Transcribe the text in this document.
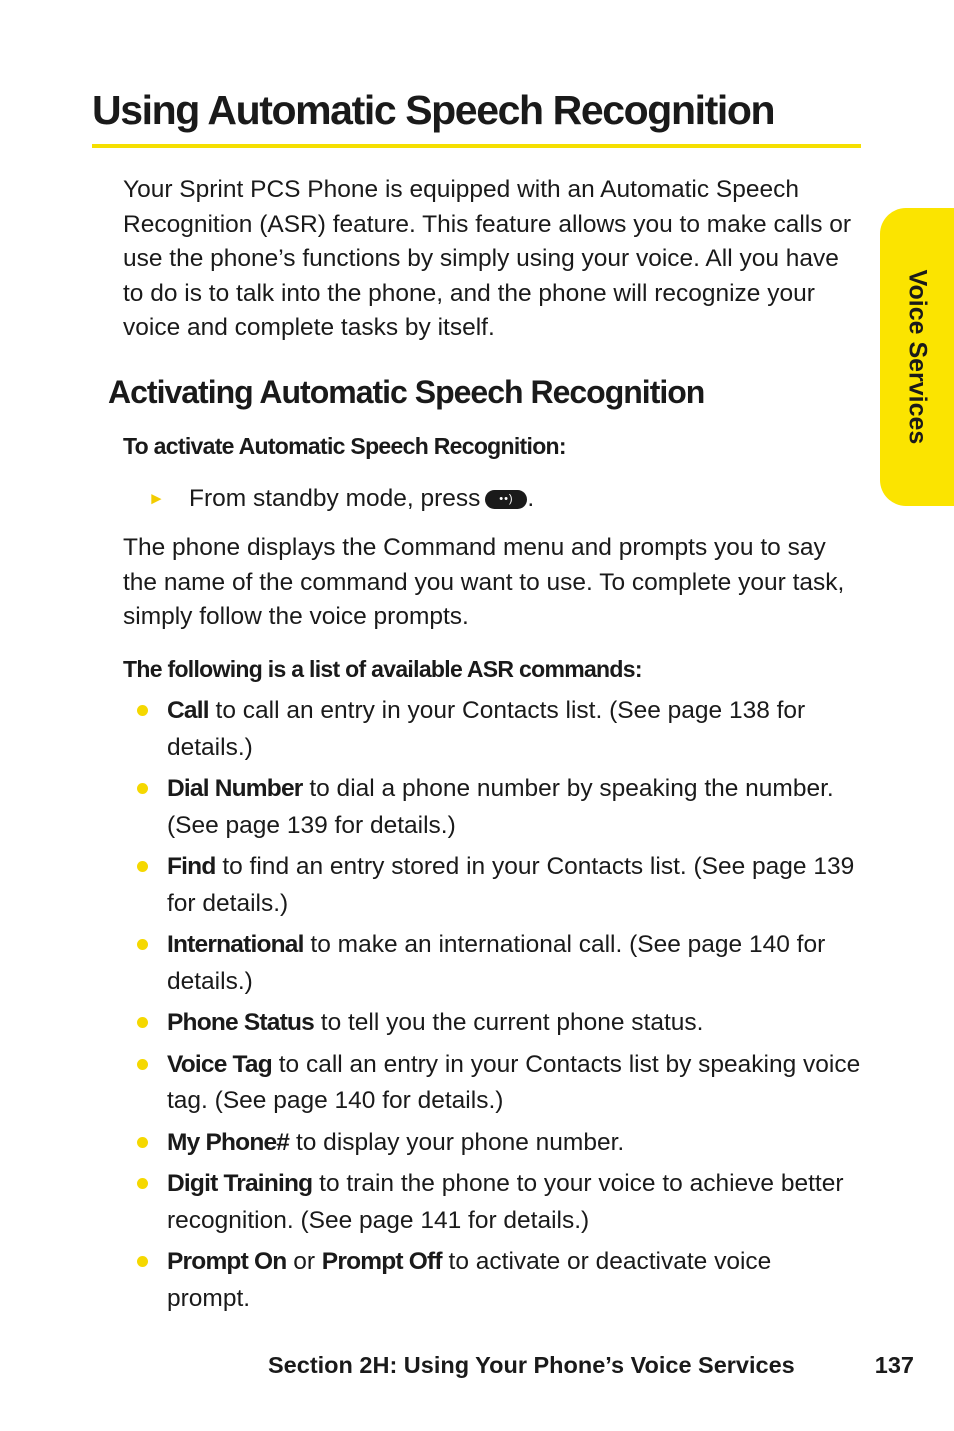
Using Automatic Speech Recognition
Voice Services

Your Sprint PCS Phone is equipped with an Automatic Speech Recognition (ASR) feature. This feature allows you to make calls or use the phone’s functions by simply using your voice. All you have to do is to talk into the phone, and the phone will recognize your voice and complete tasks by itself.

Activating Automatic Speech Recognition
To activate Automatic Speech Recognition:
► From standby mode, press
••) .

The phone displays the Command menu and prompts you to say the name of the command you want to use. To complete your task, simply follow the voice prompts.

The following is a list of available ASR commands:
Call to call an entry in your Contacts list. (See page 138 for details.)
Dial Number to dial a phone number by speaking the number. (See page 139 for details.)
Find to find an entry stored in your Contacts list. (See page 139 for details.)
International to make an international call. (See page 140 for details.)
Phone Status to tell you the current phone status.
Voice Tag to call an entry in your Contacts list by speaking voice tag. (See page 140 for details.)
My Phone# to display your phone number.
Digit Training to train the phone to your voice to achieve better recognition. (See page 141 for details.)
Prompt On or Prompt Off to activate or deactivate voice prompt.
Section 2H: Using Your Phone’s Voice Services	137
